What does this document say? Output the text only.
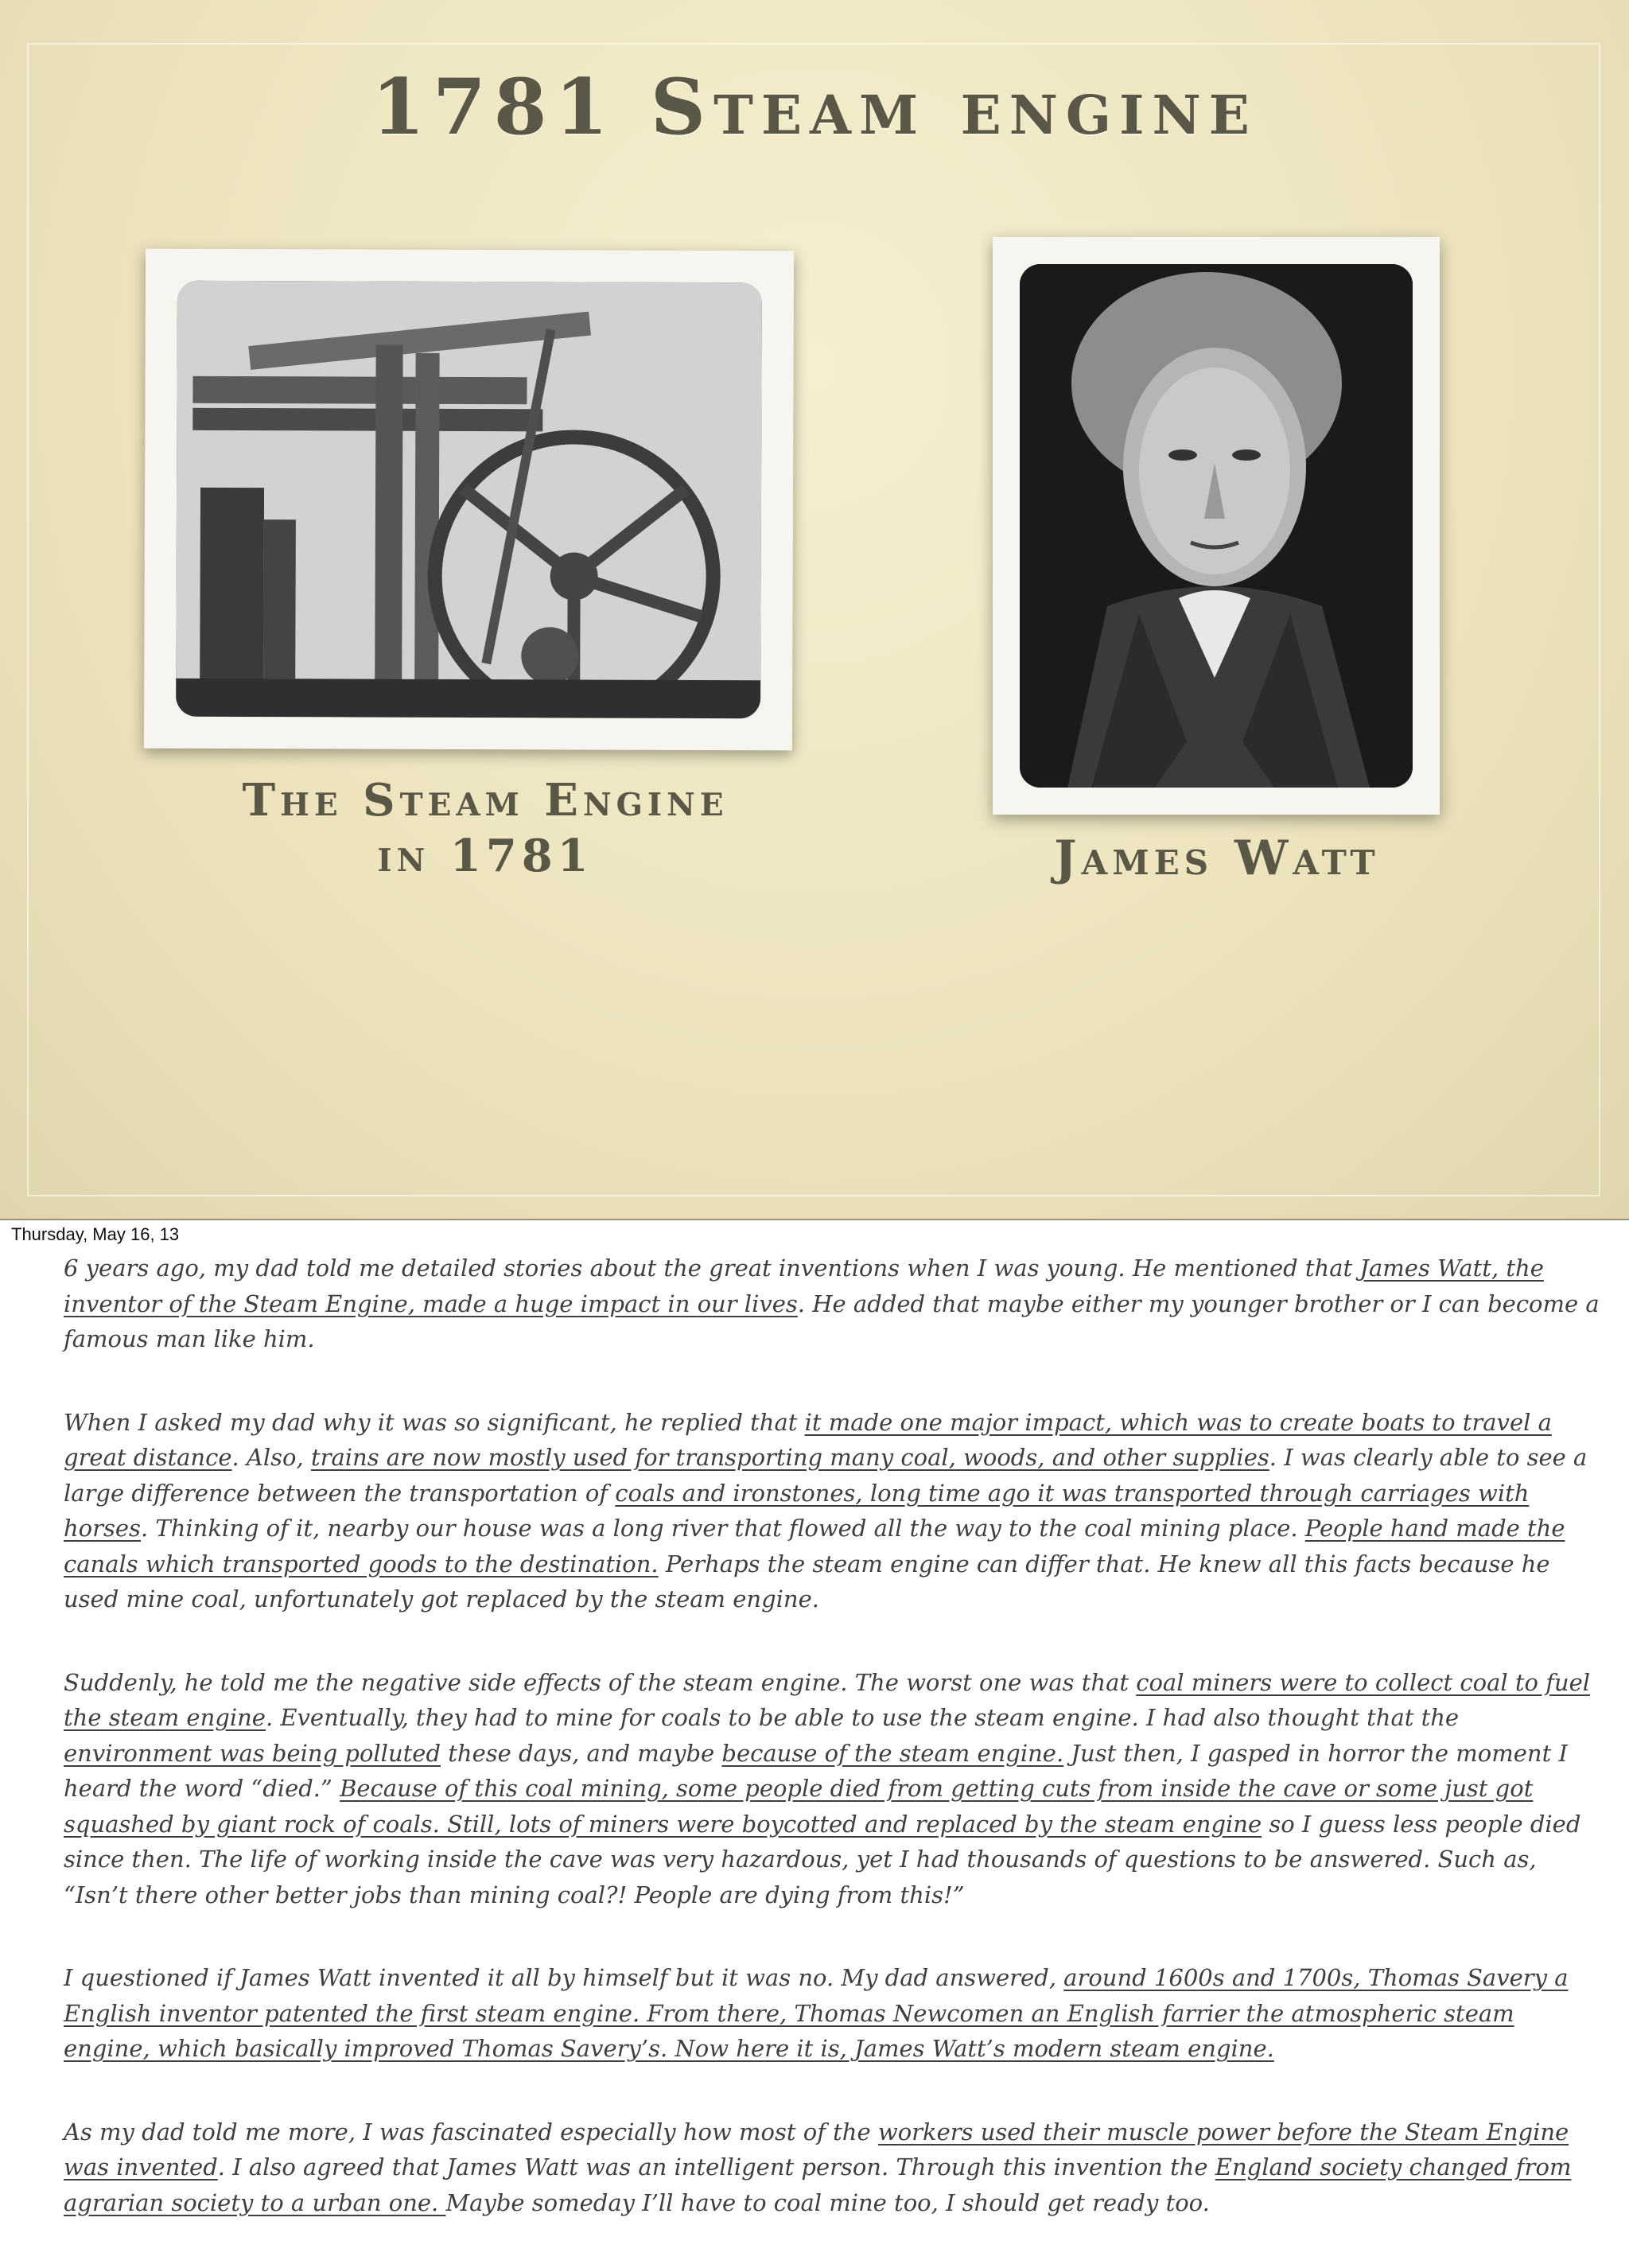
1781 Steam engine
The Steam Engine
in 1781	James Watt
Thursday, May 16, 13

6 years ago, my dad told me detailed stories about the great inventions when I was young. He mentioned that James Watt, the inventor of the Steam Engine, made a huge impact in our lives. He added that maybe either my younger brother or I can become a famous man like him.

When I asked my dad why it was so significant, he replied that it made one major impact, which was to create boats to travel a great distance. Also, trains are now mostly used for transporting many coal, woods, and other supplies. I was clearly able to see a large difference between the transportation of coals and ironstones, long time ago it was transported through carriages with horses. Thinking of it, nearby our house was a long river that flowed all the way to the coal mining place. People hand made the canals which transported goods to the destination. Perhaps the steam engine can differ that. He knew all this facts because he used mine coal, unfortunately got replaced by the steam engine.

Suddenly, he told me the negative side effects of the steam engine. The worst one was that coal miners were to collect coal to fuel the steam engine. Eventually, they had to mine for coals to be able to use the steam engine. I had also thought that the environment was being polluted these days, and maybe because of the steam engine. Just then, I gasped in horror the moment I heard the word “died.” Because of this coal mining, some people died from getting cuts from inside the cave or some just got squashed by giant rock of coals. Still, lots of miners were boycotted and replaced by the steam engine so I guess less people died since then. The life of working inside the cave was very hazardous, yet I had thousands of questions to be answered. Such as, “Isn’t there other better jobs than mining coal?! People are dying from this!”

I questioned if James Watt invented it all by himself but it was no. My dad answered, around 1600s and 1700s, Thomas Savery a English inventor patented the first steam engine. From there, Thomas Newcomen an English farrier the atmospheric steam engine, which basically improved Thomas Savery’s. Now here it is, James Watt’s modern steam engine.

As my dad told me more, I was fascinated especially how most of the workers used their muscle power before the Steam Engine was invented. I also agreed that James Watt was an intelligent person. Through this invention the England society changed from agrarian society to a urban one. Maybe someday I’ll have to coal mine too, I should get ready too.
